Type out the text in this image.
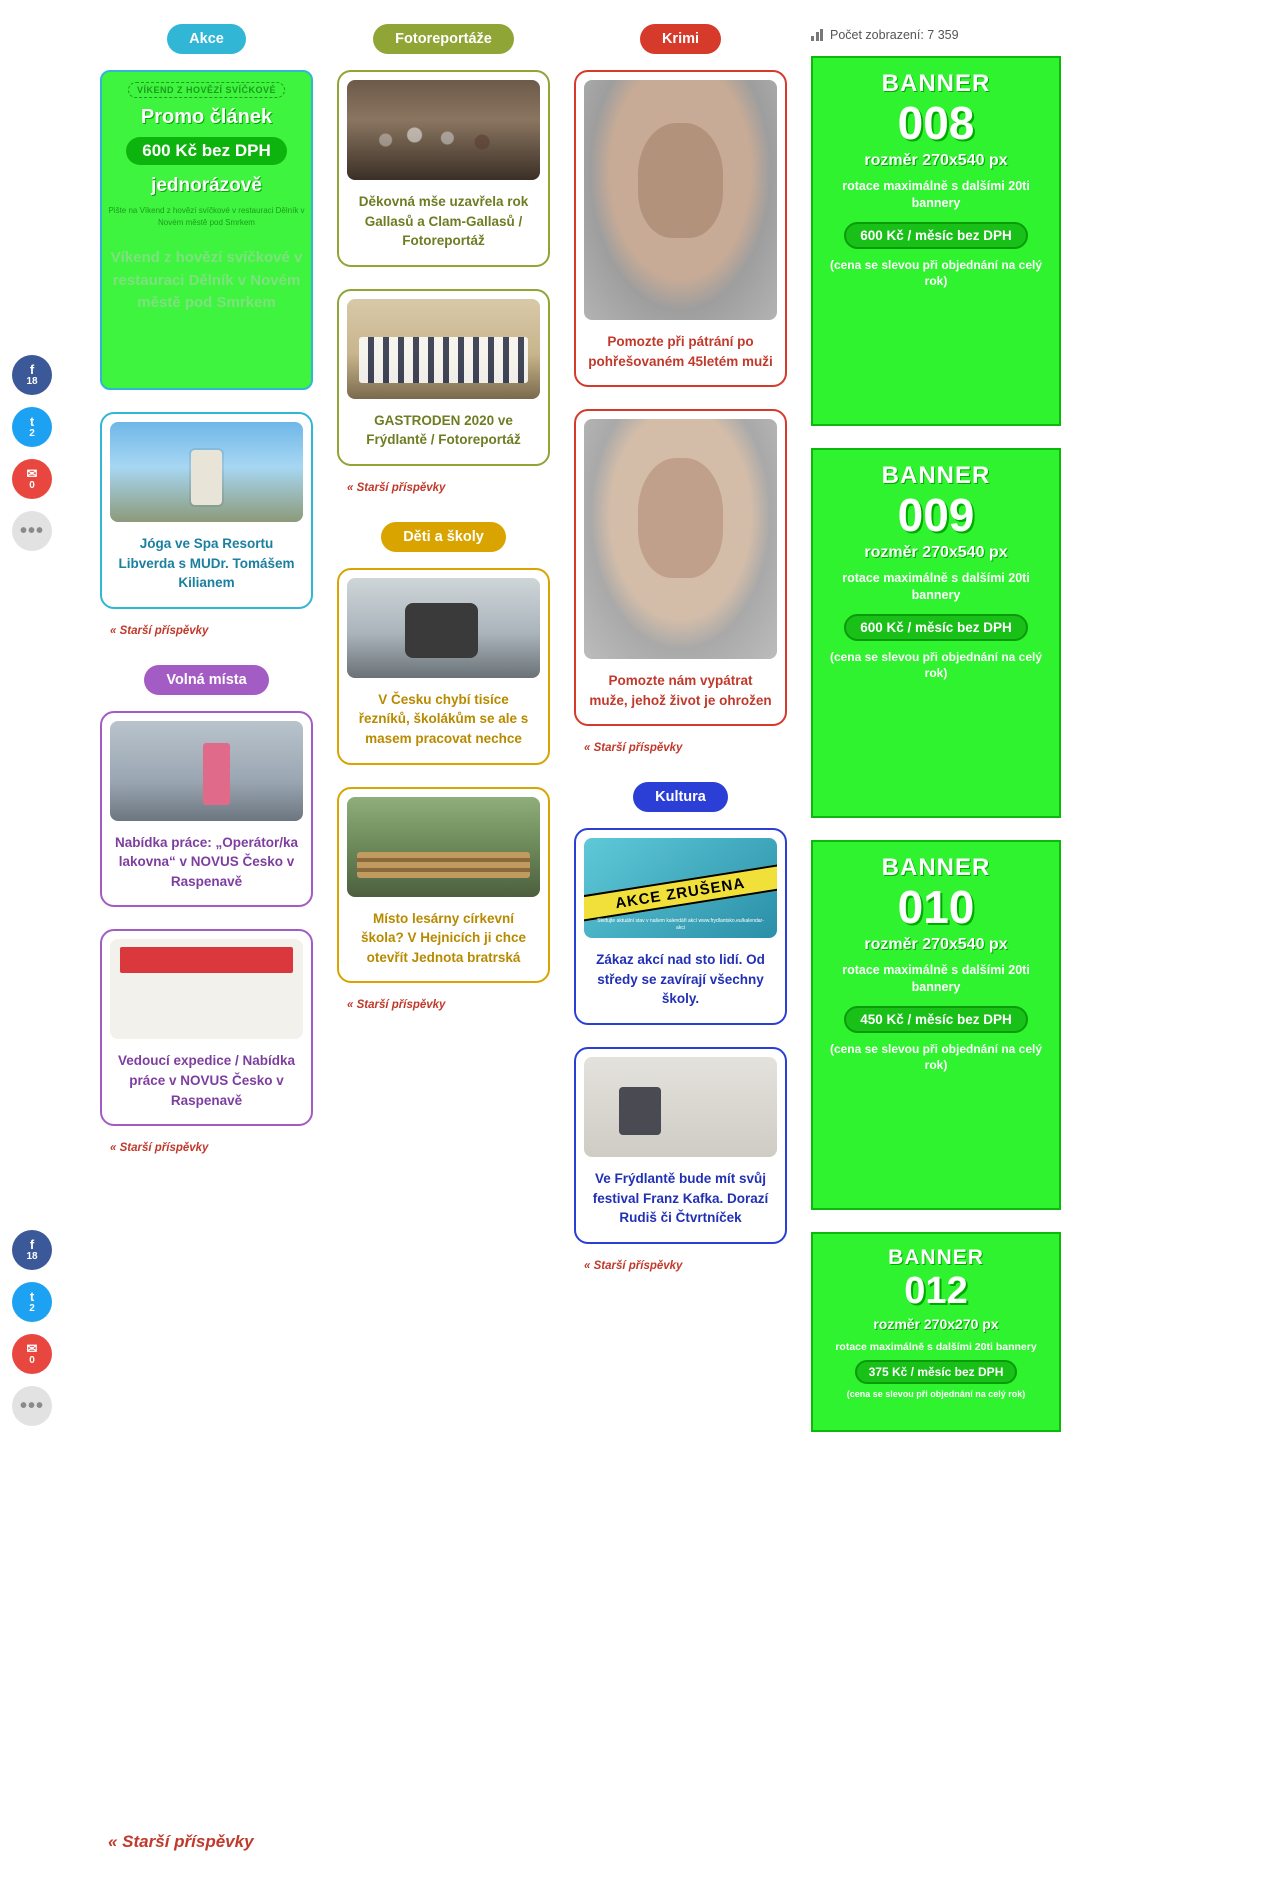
f
18
t
2
✉
0
•••
f
18
t
2
✉
0
•••
Akce
VÍKEND Z HOVĚZÍ SVÍČKOVÉ
Promo článek
600 Kč bez DPH
jednorázově
Pište na Víkend z hovězí svíčkové v restauraci Dělník v Novém městě pod Smrkem
Víkend z hovězí svíčkové v restauraci Dělník v Novém městě pod Smrkem
Jóga ve Spa Resortu Libverda s MUDr. Tomášem Kilianem
« Starší příspěvky
Volná místa
Nabídka práce: „Operátor/ka lakovna“ v NOVUS Česko v Raspenavě
Vedoucí expedice / Nabídka práce v NOVUS Česko v Raspenavě
« Starší příspěvky
Fotoreportáže
Děkovná mše uzavřela rok Gallasů a Clam-Gallasů / Fotoreportáž
GASTRODEN 2020 ve Frýdlantě / Fotoreportáž
« Starší příspěvky
Děti a školy
V Česku chybí tisíce řezníků, školákům se ale s masem pracovat nechce
Místo lesárny církevní škola? V Hejnicích ji chce otevřít Jednota bratrská
« Starší příspěvky
Krimi
Pomozte při pátrání po pohřešovaném 45letém muži
Pomozte nám vypátrat muže, jehož život je ohrožen
« Starší příspěvky
Kultura
AKCE ZRUŠENA
Sledujte aktuální stav v našem kalendáři akcí www.frydlantsko.eu/kalendar-akci
Zákaz akcí nad sto lidí. Od středy se zavírají všechny školy.
Ve Frýdlantě bude mít svůj festival Franz Kafka. Dorazí Rudiš či Čtvrtníček
« Starší příspěvky
Počet zobrazení: 7 359
BANNER
008
rozměr 270x540 px
rotace maximálně s dalšími 20ti bannery
600 Kč / měsíc bez DPH
(cena se slevou při objednání na celý rok)
BANNER
009
rozměr 270x540 px
rotace maximálně s dalšími 20ti bannery
600 Kč / měsíc bez DPH
(cena se slevou při objednání na celý rok)
BANNER
010
rozměr 270x540 px
rotace maximálně s dalšími 20ti bannery
450 Kč / měsíc bez DPH
(cena se slevou při objednání na celý rok)
BANNER
012
rozměr 270x270 px
rotace maximálně s dalšími 20ti bannery
375 Kč / měsíc bez DPH
(cena se slevou při objednání na celý rok)
« Starší příspěvky
